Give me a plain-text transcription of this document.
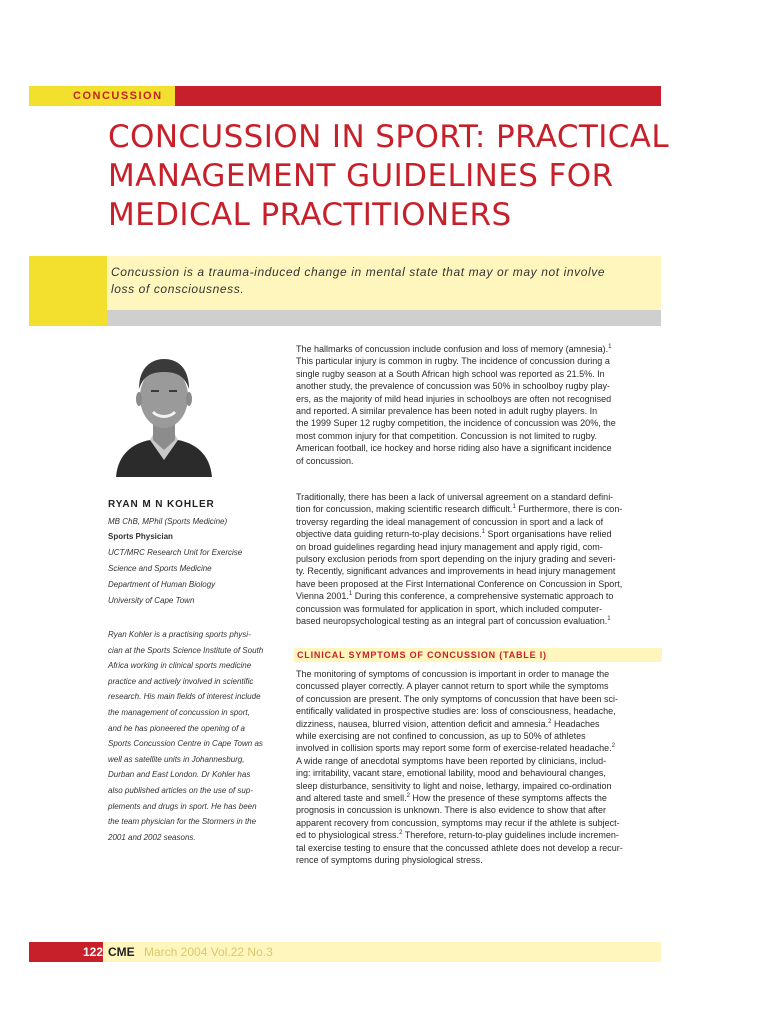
CONCUSSION
CONCUSSION IN SPORT: PRACTICAL
MANAGEMENT GUIDELINES FOR
MEDICAL PRACTITIONERS
Concussion is a trauma-induced change in mental state that may or may not involve
loss of consciousness.
RYAN M N KOHLER
MB ChB, MPhil (Sports Medicine)
Sports Physician
UCT/MRC Research Unit for Exercise
Science and Sports Medicine
Department of Human Biology
University of Cape Town
Ryan Kohler is a practising sports physi-
cian at the Sports Science Institute of South
Africa working in clinical sports medicine
practice and actively involved in scientific
research. His main fields of interest include
the management of concussion in sport,
and he has pioneered the opening of a
Sports Concussion Centre in Cape Town as
well as satellite units in Johannesburg,
Durban and East London. Dr Kohler has
also published articles on the use of sup-
plements and drugs in sport. He has been
the team physician for the Stormers in the
2001 and 2002 seasons.
The hallmarks of concussion include confusion and loss of memory (amnesia).$^1$
This particular injury is common in rugby. The incidence of concussion during a
single rugby season at a South African high school was reported as 21.5%. In
another study, the prevalence of concussion was 50% in schoolboy rugby play-
ers, as the majority of mild head injuries in schoolboys are often not recognised
and reported. A similar prevalence has been noted in adult rugby players. In
the 1999 Super 12 rugby competition, the incidence of concussion was 20%, the
most common injury for that competition. Concussion is not limited to rugby.
American football, ice hockey and horse riding also have a significant incidence
of concussion.
Traditionally, there has been a lack of universal agreement on a standard defini-
tion for concussion, making scientific research difficult.$^1$ Furthermore, there is con-
troversy regarding the ideal management of concussion in sport and a lack of
objective data guiding return-to-play decisions.$^1$ Sport organisations have relied
on broad guidelines regarding head injury management and apply rigid, com-
pulsory exclusion periods from sport depending on the injury grading and severi-
ty. Recently, significant advances and improvements in head injury management
have been proposed at the First International Conference on Concussion in Sport,
Vienna 2001.$^1$ During this conference, a comprehensive systematic approach to
concussion was formulated for application in sport, which included computer-
based neuropsychological testing as an integral part of concussion evaluation.$^1$
CLINICAL SYMPTOMS OF CONCUSSION (TABLE I)
The monitoring of symptoms of concussion is important in order to manage the
concussed player correctly. A player cannot return to sport while the symptoms
of concussion are present. The only symptoms of concussion that have been sci-
entifically validated in prospective studies are: loss of consciousness, headache,
dizziness, nausea, blurred vision, attention deficit and amnesia.$^2$ Headaches
while exercising are not confined to concussion, as up to 50% of athletes
involved in collision sports may report some form of exercise-related headache.$^2$
A wide range of anecdotal symptoms have been reported by clinicians, includ-
ing: irritability, vacant stare, emotional lability, mood and behavioural changes,
sleep disturbance, sensitivity to light and noise, lethargy, impaired co-ordination
and altered taste and smell.$^2$ How the presence of these symptoms affects the
prognosis in concussion is unknown. There is also evidence to show that after
apparent recovery from concussion, symptoms may recur if the athlete is subject-
ed to physiological stress.$^2$ Therefore, return-to-play guidelines include incremen-
tal exercise testing to ensure that the concussed athlete does not develop a recur-
rence of symptoms during physiological stress.
122 CME March 2004 Vol.22 No.3
